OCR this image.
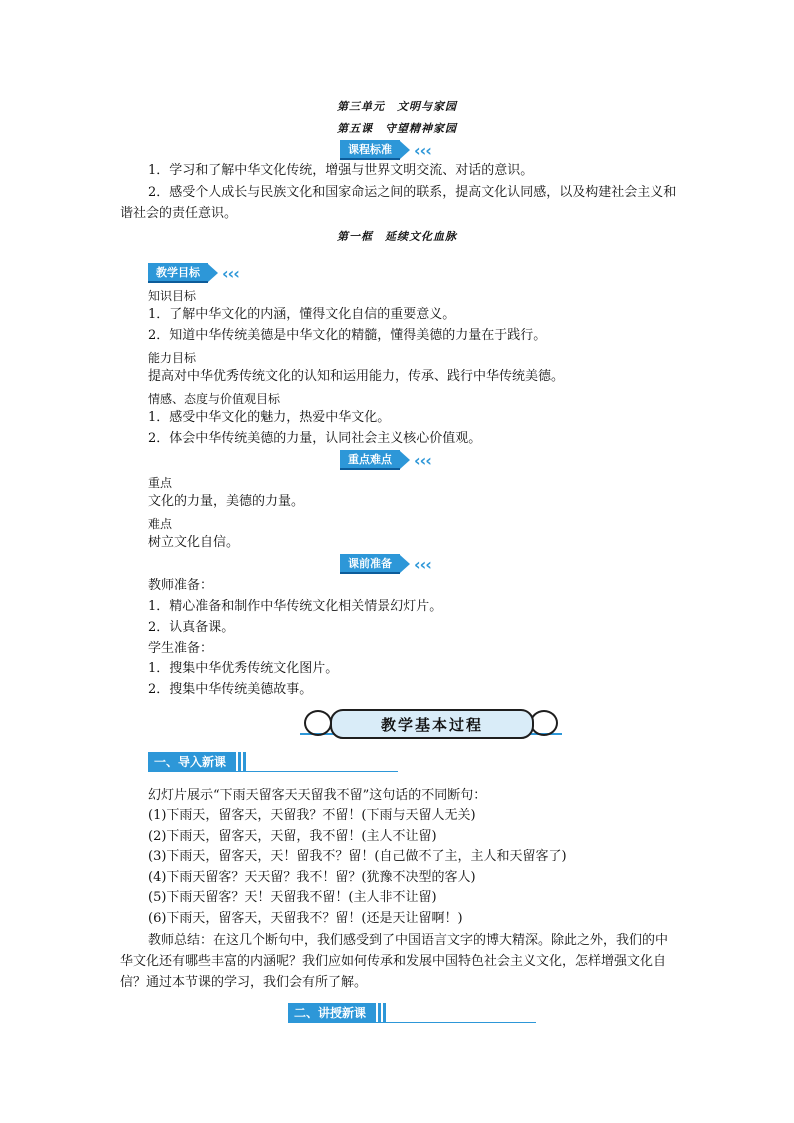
第三单元　文明与家园
第五课　守望精神家园
课程标准	‹‹‹
1．学习和了解中华文化传统，增强与世界文明交流、对话的意识。
2．感受个人成长与民族文化和国家命运之间的联系，提高文化认同感，以及构建社会主义和谐社会的责任意识。
第一框　延续文化血脉
教学目标	‹‹‹
知识目标
1．了解中华文化的内涵，懂得文化自信的重要意义。
2．知道中华传统美德是中华文化的精髓，懂得美德的力量在于践行。
能力目标
提高对中华优秀传统文化的认知和运用能力，传承、践行中华传统美德。
情感、态度与价值观目标
1．感受中华文化的魅力，热爱中华文化。
2．体会中华传统美德的力量，认同社会主义核心价值观。
重点难点	‹‹‹
重点
文化的力量，美德的力量。
难点
树立文化自信。
课前准备	‹‹‹
教师准备：
1．精心准备和制作中华传统文化相关情景幻灯片。
2．认真备课。
学生准备：
1．搜集中华优秀传统文化图片。
2．搜集中华传统美德故事。
教学基本过程
一、导入新课
幻灯片展示“下雨天留客天天留我不留”这句话的不同断句：
(1)下雨天，留客天，天留我？不留！(下雨与天留人无关)
(2)下雨天，留客天，天留，我不留！(主人不让留)
(3)下雨天，留客天，天！留我不？留！(自己做不了主，主人和天留客了)
(4)下雨天留客？天天留？我不！留？(犹豫不决型的客人)
(5)下雨天留客？天！天留我不留！(主人非不让留)
(6)下雨天，留客天，天留我不？留！(还是天让留啊！)
教师总结：在这几个断句中，我们感受到了中国语言文字的博大精深。除此之外，我们的中华文化还有哪些丰富的内涵呢？我们应如何传承和发展中国特色社会主义文化，怎样增强文化自信？通过本节课的学习，我们会有所了解。
二、讲授新课
